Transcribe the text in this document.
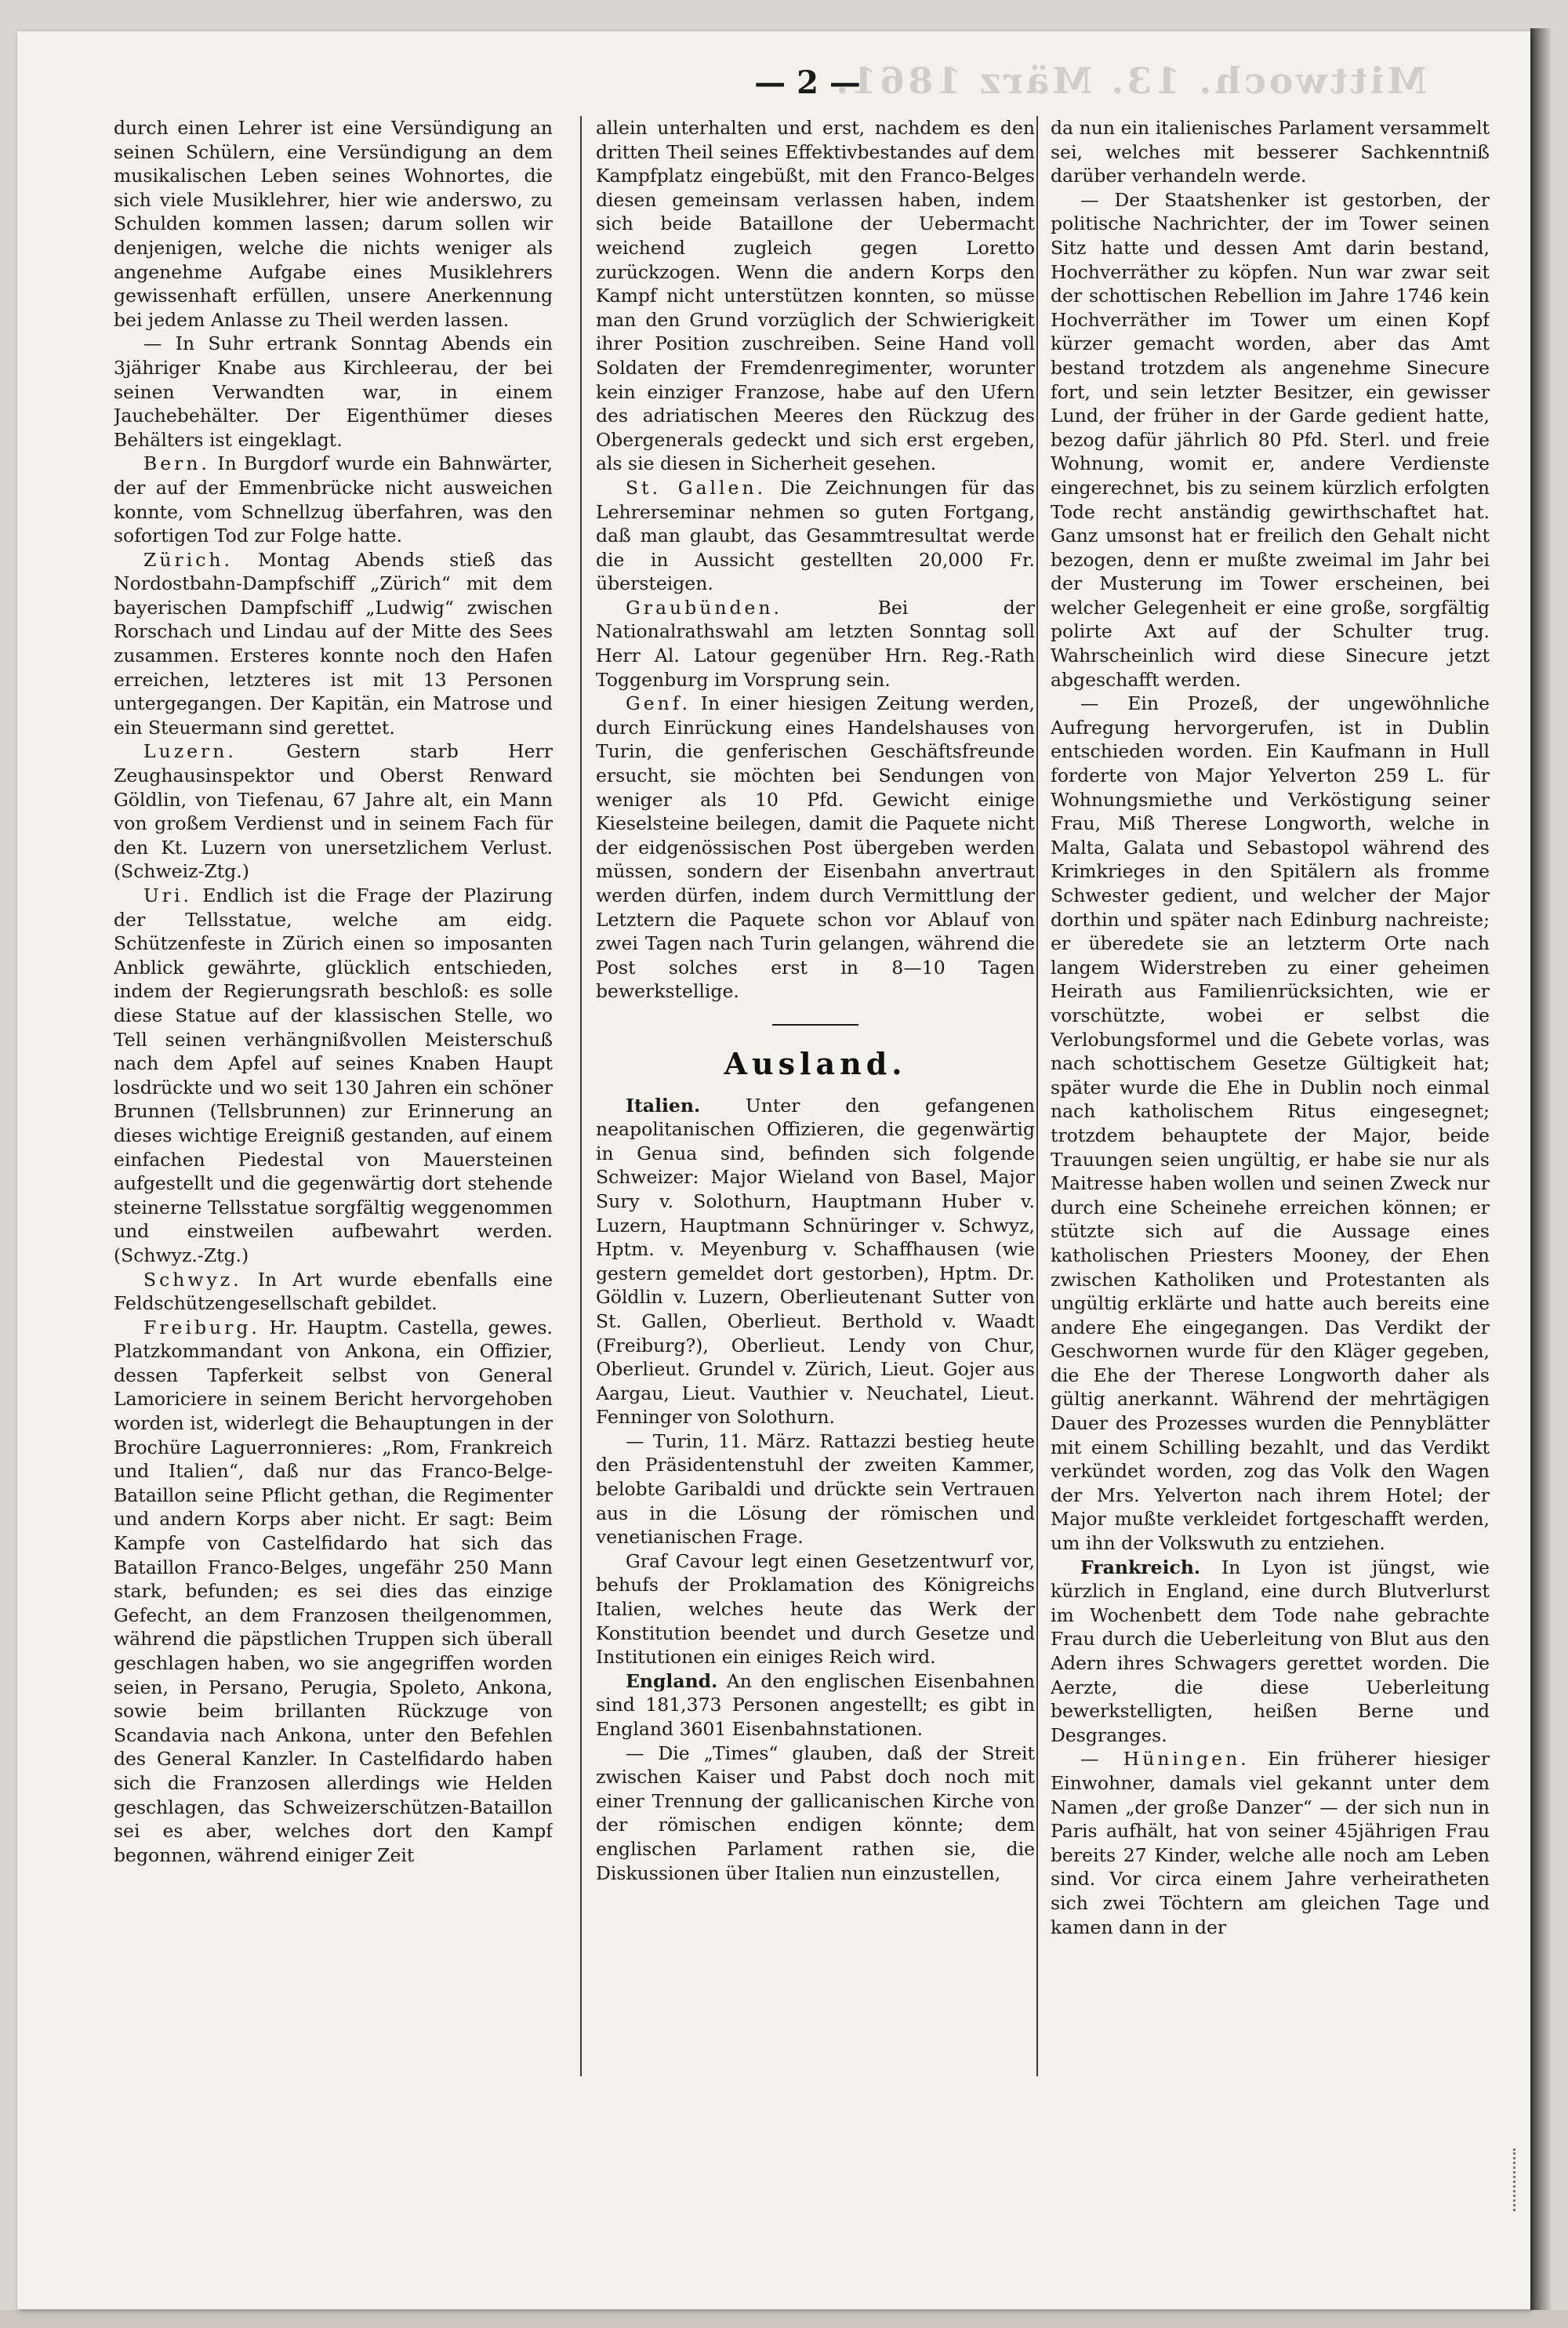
Mittwoch. 13. März 1861.
— 2 —

durch einen Lehrer ist eine Versündigung an seinen Schülern, eine Versündigung an dem musikalischen Leben seines Wohnortes, die sich viele Musiklehrer, hier wie anderswo, zu Schulden kommen lassen; darum sollen wir denjenigen, welche die nichts weniger als angenehme Aufgabe eines Musiklehrers gewissenhaft erfüllen, unsere Anerkennung bei jedem Anlasse zu Theil werden lassen.

— In Suhr ertrank Sonntag Abends ein 3jähriger Knabe aus Kirchleerau, der bei seinen Verwandten war, in einem Jauchebehälter. Der Eigenthümer dieses Behälters ist eingeklagt.

Bern. In Burgdorf wurde ein Bahnwärter, der auf der Emmenbrücke nicht ausweichen konnte, vom Schnellzug überfahren, was den sofortigen Tod zur Folge hatte.

Zürich. Montag Abends stieß das Nordostbahn-Dampfschiff „Zürich“ mit dem bayerischen Dampfschiff „Ludwig“ zwischen Rorschach und Lindau auf der Mitte des Sees zusammen. Ersteres konnte noch den Hafen erreichen, letzteres ist mit 13 Personen untergegangen. Der Kapitän, ein Matrose und ein Steuermann sind gerettet.

Luzern.	Gestern starb Herr Zeughausinspektor und Oberst Renward Göldlin, von Tiefenau, 67 Jahre alt, ein Mann von großem Verdienst und in seinem Fach für den Kt. Luzern von unersetzlichem Verlust. (Schweiz-Ztg.)

Uri. Endlich ist die Frage der Plazirung der Tellsstatue, welche am eidg. Schützenfeste in Zürich einen so imposanten Anblick gewährte, glücklich entschieden, indem der Regierungsrath beschloß: es solle diese Statue auf der klassischen Stelle, wo Tell seinen verhängnißvollen Meisterschuß nach dem Apfel auf seines Knaben Haupt losdrückte und wo seit 130 Jahren ein schöner Brunnen (Tellsbrunnen) zur Erinnerung an dieses wichtige Ereigniß gestanden, auf einem einfachen Piedestal von Mauersteinen aufgestellt und die gegenwärtig dort stehende steinerne Tellsstatue sorgfältig weggenommen und einstweilen aufbewahrt werden. (Schwyz.-Ztg.)

Schwyz. In Art wurde ebenfalls eine Feldschützengesellschaft gebildet.

Freiburg. Hr. Hauptm. Castella, gewes. Platzkommandant von Ankona, ein Offizier, dessen Tapferkeit selbst von General Lamoriciere in seinem Bericht hervorgehoben worden ist, widerlegt die Behauptungen in der Brochüre Laguerronnieres: „Rom, Frankreich und Italien“, daß nur das Franco-Belge-Bataillon seine Pflicht gethan, die Regimenter und andern Korps aber nicht. Er sagt: Beim Kampfe von Castelfidardo hat sich das Bataillon Franco-Belges, ungefähr 250 Mann stark, befunden; es sei dies das einzige Gefecht, an dem Franzosen theilgenommen, während die päpstlichen Truppen sich überall geschlagen haben, wo sie angegriffen worden seien, in Persano, Perugia, Spoleto, Ankona, sowie beim brillanten Rückzuge von Scandavia nach Ankona, unter den Befehlen des General Kanzler. In Castelfidardo haben sich die Franzosen allerdings wie Helden geschlagen, das Schweizerschützen-Bataillon sei es aber, welches dort den Kampf begonnen, während einiger Zeit

allein unterhalten und erst, nachdem es den dritten Theil seines Effektivbestandes auf dem Kampfplatz eingebüßt, mit den Franco-Belges diesen gemeinsam verlassen haben, indem sich beide Bataillone der Uebermacht weichend zugleich gegen Loretto zurückzogen. Wenn die andern Korps den Kampf nicht unterstützen konnten, so müsse man den Grund vorzüglich der Schwierigkeit ihrer Position zuschreiben. Seine Hand voll Soldaten der Fremdenregimenter, worunter kein einziger Franzose, habe auf den Ufern des adriatischen Meeres den Rückzug des Obergenerals gedeckt und sich erst ergeben, als sie diesen in Sicherheit gesehen.

St. Gallen. Die Zeichnungen für das Lehrerseminar nehmen so guten Fortgang, daß man glaubt, das Gesammtresultat werde die in Aussicht gestellten 20,000 Fr. übersteigen.

Graubünden.	Bei der Nationalrathswahl am letzten Sonntag soll Herr Al. Latour gegenüber Hrn. Reg.-Rath Toggenburg im Vorsprung sein.

Genf. In einer hiesigen Zeitung werden, durch Einrückung eines Handelshauses von Turin, die genferischen Geschäftsfreunde ersucht, sie möchten bei Sendungen von weniger als 10 Pfd. Gewicht einige Kieselsteine beilegen, damit die Paquete nicht der eidgenössischen Post übergeben werden müssen, sondern der Eisenbahn anvertraut werden dürfen, indem durch Vermittlung der Letztern die Paquete schon vor Ablauf von zwei Tagen nach Turin gelangen, während die Post solches erst in 8—10 Tagen bewerkstellige.

Ausland.

Italien. Unter den gefangenen neapolitanischen Offizieren, die gegenwärtig in Genua sind, befinden sich folgende Schweizer: Major Wieland von Basel, Major Sury v. Solothurn, Hauptmann Huber v. Luzern, Hauptmann Schnüringer v. Schwyz, Hptm. v. Meyenburg v. Schaffhausen (wie gestern gemeldet dort gestorben), Hptm. Dr. Göldlin v. Luzern, Oberlieutenant Sutter von St. Gallen, Oberlieut. Berthold v. Waadt (Freiburg?), Oberlieut. Lendy von Chur, Oberlieut. Grundel v. Zürich, Lieut. Gojer aus Aargau, Lieut. Vauthier v. Neuchatel, Lieut. Fenninger von Solothurn.

— Turin, 11. März. Rattazzi bestieg heute den Präsidentenstuhl der zweiten Kammer, belobte Garibaldi und drückte sein Vertrauen aus in die Lösung der römischen und venetianischen Frage.

Graf Cavour legt einen Gesetzentwurf vor, behufs der Proklamation des Königreichs Italien, welches heute das Werk der Konstitution beendet und durch Gesetze und Institutionen ein einiges Reich wird.

England. An den englischen Eisenbahnen sind 181,373 Personen angestellt; es gibt in England 3601 Eisenbahnstationen.

— Die „Times“ glauben, daß der Streit zwischen Kaiser und Pabst doch noch mit einer Trennung der gallicanischen Kirche von der römischen endigen könnte; dem englischen Parlament rathen sie, die Diskussionen über Italien nun einzustellen,

da nun ein italienisches Parlament versammelt sei, welches mit besserer Sachkenntniß darüber verhandeln werde.

— Der Staatshenker ist gestorben, der politische Nachrichter, der im Tower seinen Sitz hatte und dessen Amt darin bestand, Hochverräther zu köpfen. Nun war zwar seit der schottischen Rebellion im Jahre 1746 kein Hochverräther im Tower um einen Kopf kürzer gemacht worden, aber das Amt bestand trotzdem als angenehme Sinecure fort, und sein letzter Besitzer, ein gewisser Lund, der früher in der Garde gedient hatte, bezog dafür jährlich 80 Pfd. Sterl. und freie Wohnung, womit er, andere Verdienste eingerechnet, bis zu seinem kürzlich erfolgten Tode recht anständig gewirthschaftet hat. Ganz umsonst hat er freilich den Gehalt nicht bezogen, denn er mußte zweimal im Jahr bei der Musterung im Tower erscheinen, bei welcher Gelegenheit er eine große, sorgfältig polirte Axt auf der Schulter trug. Wahrscheinlich wird diese Sinecure jetzt abgeschafft werden.

— Ein Prozeß, der ungewöhnliche Aufregung hervorgerufen, ist in Dublin entschieden worden. Ein Kaufmann in Hull forderte von Major Yelverton 259 L. für Wohnungsmiethe und Verköstigung seiner Frau, Miß Therese Longworth, welche in Malta, Galata und Sebastopol während des Krimkrieges in den Spitälern als fromme Schwester gedient, und welcher der Major dorthin und später nach Edinburg nachreiste; er überedete sie an letzterm Orte nach langem Widerstreben zu einer geheimen Heirath aus Familienrücksichten, wie er vorschützte, wobei er selbst die Verlobungsformel und die Gebete vorlas, was nach schottischem Gesetze Gültigkeit hat; später wurde die Ehe in Dublin noch einmal nach katholischem Ritus eingesegnet; trotzdem behauptete der Major, beide Trauungen seien ungültig, er habe sie nur als Maitresse haben wollen und seinen Zweck nur durch eine Scheinehe erreichen können; er stützte sich auf die Aussage eines katholischen Priesters Mooney, der Ehen zwischen Katholiken und Protestanten als ungültig erklärte und hatte auch bereits eine andere Ehe eingegangen. Das Verdikt der Geschwornen wurde für den Kläger gegeben, die Ehe der Therese Longworth daher als gültig anerkannt. Während der mehrtägigen Dauer des Prozesses wurden die Pennyblätter mit einem Schilling bezahlt, und das Verdikt verkündet worden, zog das Volk den Wagen der Mrs. Yelverton nach ihrem Hotel; der Major mußte verkleidet fortgeschafft werden, um ihn der Volkswuth zu entziehen.

Frankreich. In Lyon ist jüngst, wie kürzlich in England, eine durch Blutverlurst im Wochenbett dem Tode nahe gebrachte Frau durch die Ueberleitung von Blut aus den Adern ihres Schwagers gerettet worden. Die Aerzte, die diese Ueberleitung bewerkstelligten, heißen Berne und Desgranges.

— Hüningen. Ein früherer hiesiger Einwohner, damals viel gekannt unter dem Namen „der große Danzer“ — der sich nun in Paris aufhält, hat von seiner 45jährigen Frau bereits 27 Kinder, welche alle noch am Leben sind. Vor circa einem Jahre verheiratheten sich zwei Töchtern am gleichen Tage und kamen dann in der
